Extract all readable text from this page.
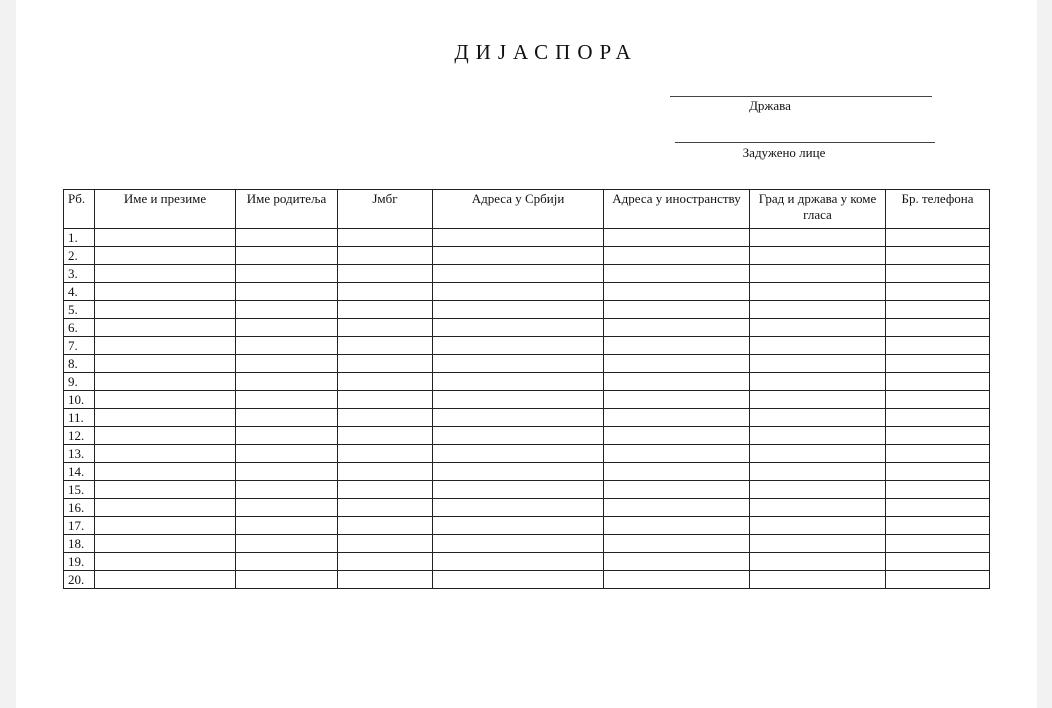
ДИЈАСПОРА
Држава
Задужено лице
Рб.	Име и презиме	Име родитеља	Јмбг	Адреса у Србији	Адреса у иностранству	Град и држава у коме гласа	Бр. телефона
1.							
2.							
3.							
4.							
5.							
6.							
7.							
8.							
9.							
10.							
11.							
12.							
13.							
14.							
15.							
16.							
17.							
18.							
19.							
20.							
